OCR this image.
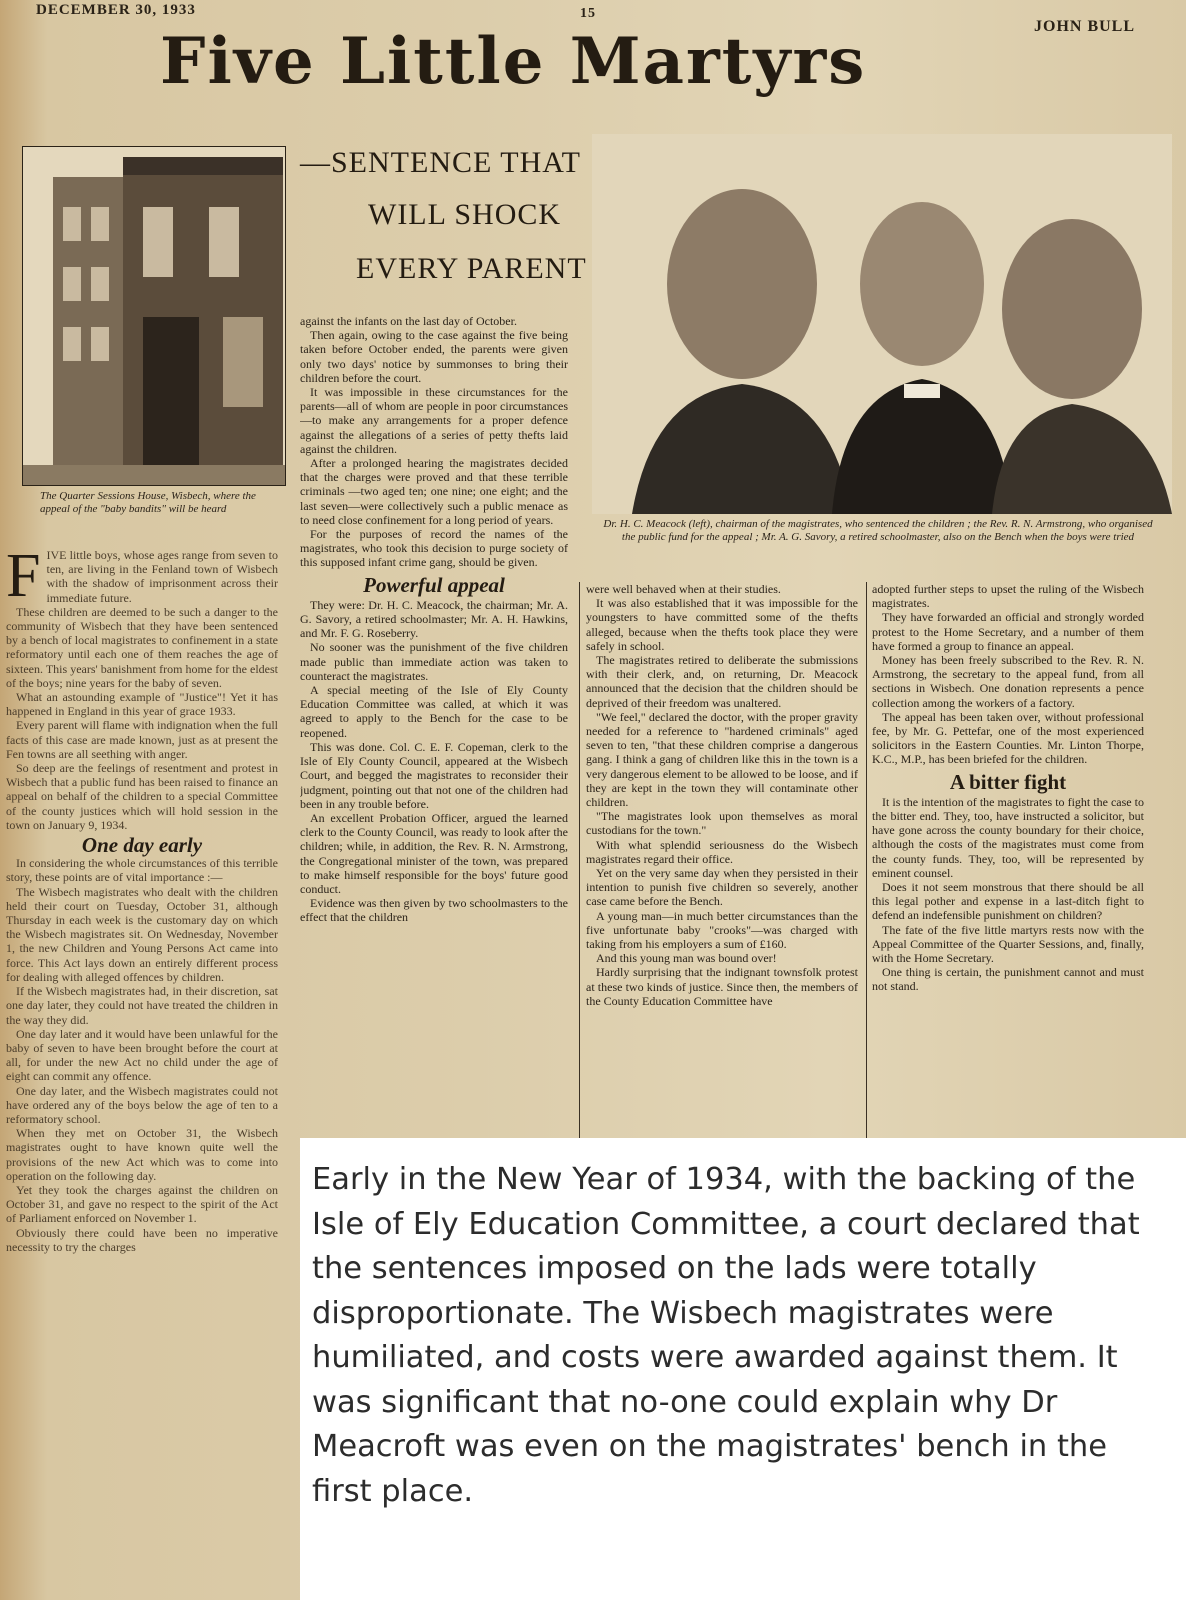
DECEMBER 30, 1933	15
JOHN BULL
Five Little Martyrs
—SENTENCE THAT
WILL SHOCK
EVERY PARENT
The Quarter Sessions House, Wisbech, where the appeal of the "baby bandits" will be heard
Dr. H. C. Meacock (left), chairman of the magistrates, who sentenced the children ; the Rev. R. N. Armstrong, who organised the public fund for the appeal ; Mr. A. G. Savory, a retired schoolmaster, also on the Bench when the boys were tried
F IVE little boys, whose ages range from seven to ten, are living in the Fenland town of Wisbech with the shadow of imprisonment across their immediate future.

These children are deemed to be such a danger to the community of Wisbech that they have been sentenced by a bench of local magistrates to confinement in a state reformatory until each one of them reaches the age of sixteen. This years' banishment from home for the eldest of the boys; nine years for the baby of seven.

What an astounding example of "Justice"! Yet it has happened in England in this year of grace 1933.

Every parent will flame with indignation when the full facts of this case are made known, just as at present the Fen towns are all seething with anger.

So deep are the feelings of resentment and protest in Wisbech that a public fund has been raised to finance an appeal on behalf of the children to a special Committee of the county justices which will hold session in the town on January 9, 1934.

One day early

In considering the whole circumstances of this terrible story, these points are of vital importance :—

The Wisbech magistrates who dealt with the children held their court on Tuesday, October 31, although Thursday in each week is the customary day on which the Wisbech magistrates sit. On Wednesday, November 1, the new Children and Young Persons Act came into force. This Act lays down an entirely different process for dealing with alleged offences by children.

If the Wisbech magistrates had, in their discretion, sat one day later, they could not have treated the children in the way they did.

One day later and it would have been unlawful for the baby of seven to have been brought before the court at all, for under the new Act no child under the age of eight can commit any offence.

One day later, and the Wisbech magistrates could not have ordered any of the boys below the age of ten to a reformatory school.

When they met on October 31, the Wisbech magistrates ought to have known quite well the provisions of the new Act which was to come into operation on the following day.

Yet they took the charges against the children on October 31, and gave no respect to the spirit of the Act of Parliament enforced on November 1.

Obviously there could have been no imperative necessity to try the charges

against the infants on the last day of October.

Then again, owing to the case against the five being taken before October ended, the parents were given only two days' notice by summonses to bring their children before the court.

It was impossible in these circumstances for the parents—all of whom are people in poor circumstances—to make any arrangements for a proper defence against the allegations of a series of petty thefts laid against the children.

After a prolonged hearing the magistrates decided that the charges were proved and that these terrible criminals —two aged ten; one nine; one eight; and the last seven—were collectively such a public menace as to need close confinement for a long period of years.

For the purposes of record the names of the magistrates, who took this decision to purge society of this supposed infant crime gang, should be given.

Powerful appeal

They were: Dr. H. C. Meacock, the chairman; Mr. A. G. Savory, a retired schoolmaster; Mr. A. H. Hawkins, and Mr. F. G. Roseberry.

No sooner was the punishment of the five children made public than immediate action was taken to counteract the magistrates.

A special meeting of the Isle of Ely County Education Committee was called, at which it was agreed to apply to the Bench for the case to be reopened.

This was done. Col. C. E. F. Copeman, clerk to the Isle of Ely County Council, appeared at the Wisbech Court, and begged the magistrates to reconsider their judgment, pointing out that not one of the children had been in any trouble before.

An excellent Probation Officer, argued the learned clerk to the County Council, was ready to look after the children; while, in addition, the Rev. R. N. Armstrong, the Congregational minister of the town, was prepared to make himself responsible for the boys' future good conduct.

Evidence was then given by two schoolmasters to the effect that the children

were well behaved when at their studies.

It was also established that it was impossible for the youngsters to have committed some of the thefts alleged, because when the thefts took place they were safely in school.

The magistrates retired to deliberate the submissions with their clerk, and, on returning, Dr. Meacock announced that the decision that the children should be deprived of their freedom was unaltered.

"We feel," declared the doctor, with the proper gravity needed for a reference to "hardened criminals" aged seven to ten, "that these children comprise a dangerous gang. I think a gang of children like this in the town is a very dangerous element to be allowed to be loose, and if they are kept in the town they will contaminate other children.

"The magistrates look upon themselves as moral custodians for the town."

With what splendid seriousness do the Wisbech magistrates regard their office.

Yet on the very same day when they persisted in their intention to punish five children so severely, another case came before the Bench.

A young man—in much better circumstances than the five unfortunate baby "crooks"—was charged with taking from his employers a sum of £160.

And this young man was bound over!

Hardly surprising that the indignant townsfolk protest at these two kinds of justice. Since then, the members of the County Education Committee have

adopted further steps to upset the ruling of the Wisbech magistrates.

They have forwarded an official and strongly worded protest to the Home Secretary, and a number of them have formed a group to finance an appeal.

Money has been freely subscribed to the Rev. R. N. Armstrong, the secretary to the appeal fund, from all sections in Wisbech. One donation represents a pence collection among the workers of a factory.

The appeal has been taken over, without professional fee, by Mr. G. Pettefar, one of the most experienced solicitors in the Eastern Counties. Mr. Linton Thorpe, K.C., M.P., has been briefed for the children.

A bitter fight

It is the intention of the magistrates to fight the case to the bitter end. They, too, have instructed a solicitor, but have gone across the county boundary for their choice, although the costs of the magistrates must come from the county funds. They, too, will be represented by eminent counsel.

Does it not seem monstrous that there should be all this legal pother and expense in a last-ditch fight to defend an indefensible punishment on children?

The fate of the five little martyrs rests now with the Appeal Committee of the Quarter Sessions, and, finally, with the Home Secretary.

One thing is certain, the punishment cannot and must not stand.

Early in the New Year of 1934, with the backing of the Isle of Ely Education Committee, a court declared that the sentences imposed on the lads were totally disproportionate. The Wisbech magistrates were humiliated, and costs were awarded against them. It was significant that no-one could explain why Dr Meacroft was even on the magistrates' bench in the first place.
